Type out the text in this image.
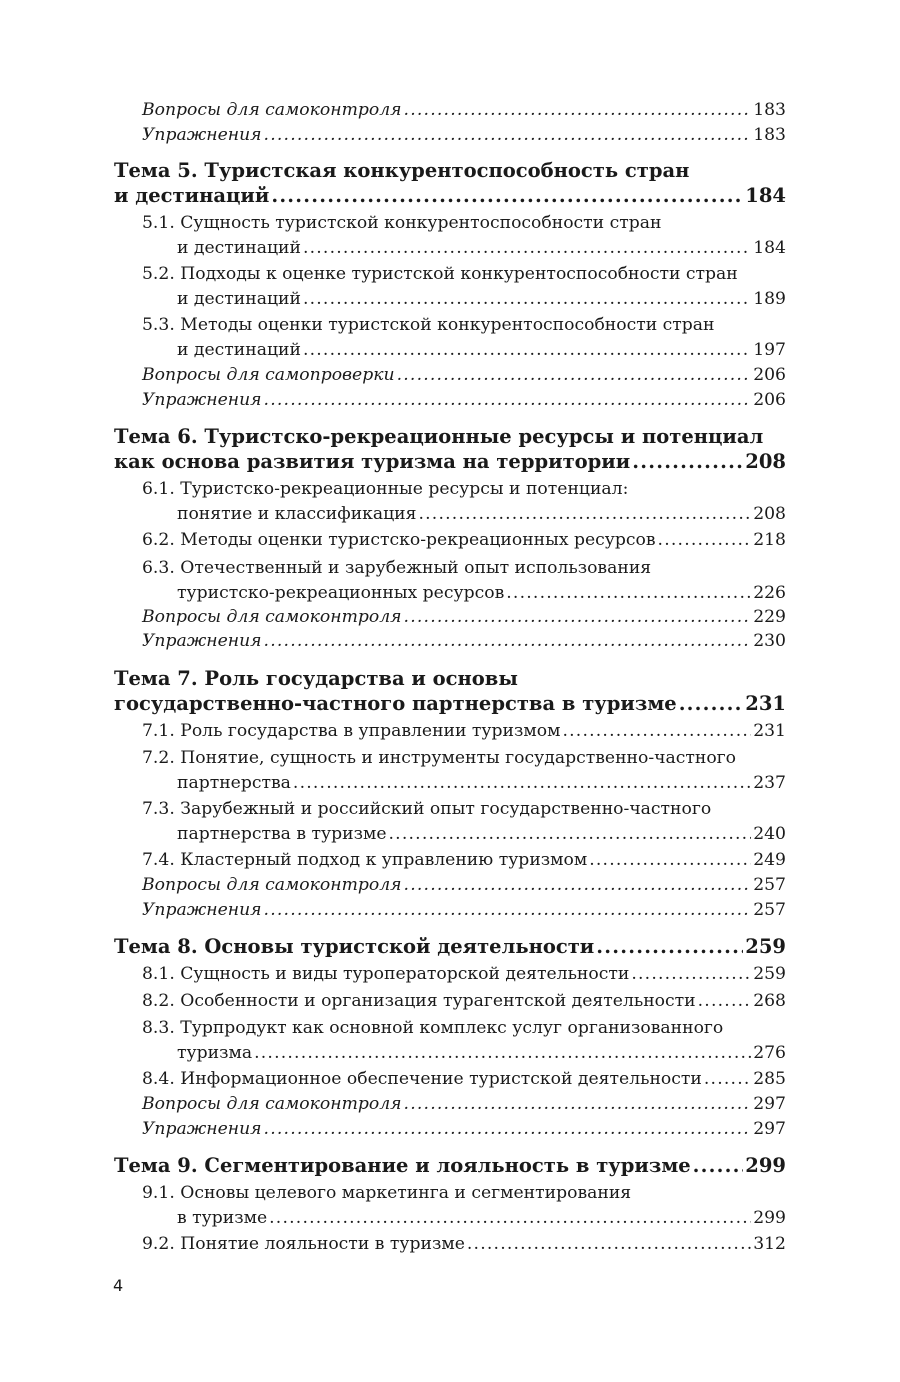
Вопросы для самоконтроля .....	183
Упражнения .....	183
Тема 5. Туристская конкурентоспособность стран
и дестинаций .....	184
5.1. Сущность туристской конкурентоспособности стран
и дестинаций .....	184
5.2. Подходы к оценке туристской конкурентоспособности стран
и дестинаций .....	189
5.3. Методы оценки туристской конкурентоспособности стран
и дестинаций .....	197
Вопросы для самопроверки .....	206
Упражнения .....	206
Тема 6. Туристско-рекреационные ресурсы и потенциал
как основа развития туризма на территории .....	208
6.1. Туристско-рекреационные ресурсы и потенциал:
понятие и классификация .....	208
6.2. Методы оценки туристско-рекреационных ресурсов .....	218
6.3. Отечественный и зарубежный опыт использования
туристско-рекреационных ресурсов .....	226
Вопросы для самоконтроля .....	229
Упражнения .....	230
Тема 7. Роль государства и основы
государственно-частного партнерства в туризме .....	231
7.1. Роль государства в управлении туризмом .....	231
7.2. Понятие, сущность и инструменты государственно-частного
партнерства .....	237
7.3. Зарубежный и российский опыт государственно-частного
партнерства в туризме .....	240
7.4. Кластерный подход к управлению туризмом .....	249
Вопросы для самоконтроля .....	257
Упражнения .....	257
Тема 8. Основы туристской деятельности .....	259
8.1. Сущность и виды туроператорской деятельности .....	259
8.2. Особенности и организация турагентской деятельности .....	268
8.3. Турпродукт как основной комплекс услуг организованного
туризма .....	276
8.4. Информационное обеспечение туристской деятельности .....	285
Вопросы для самоконтроля .....	297
Упражнения .....	297
Тема 9. Сегментирование и лояльность в туризме .....	299
9.1. Основы целевого маркетинга и сегментирования
в туризме .....	299
9.2. Понятие лояльности в туризме .....	312
4
